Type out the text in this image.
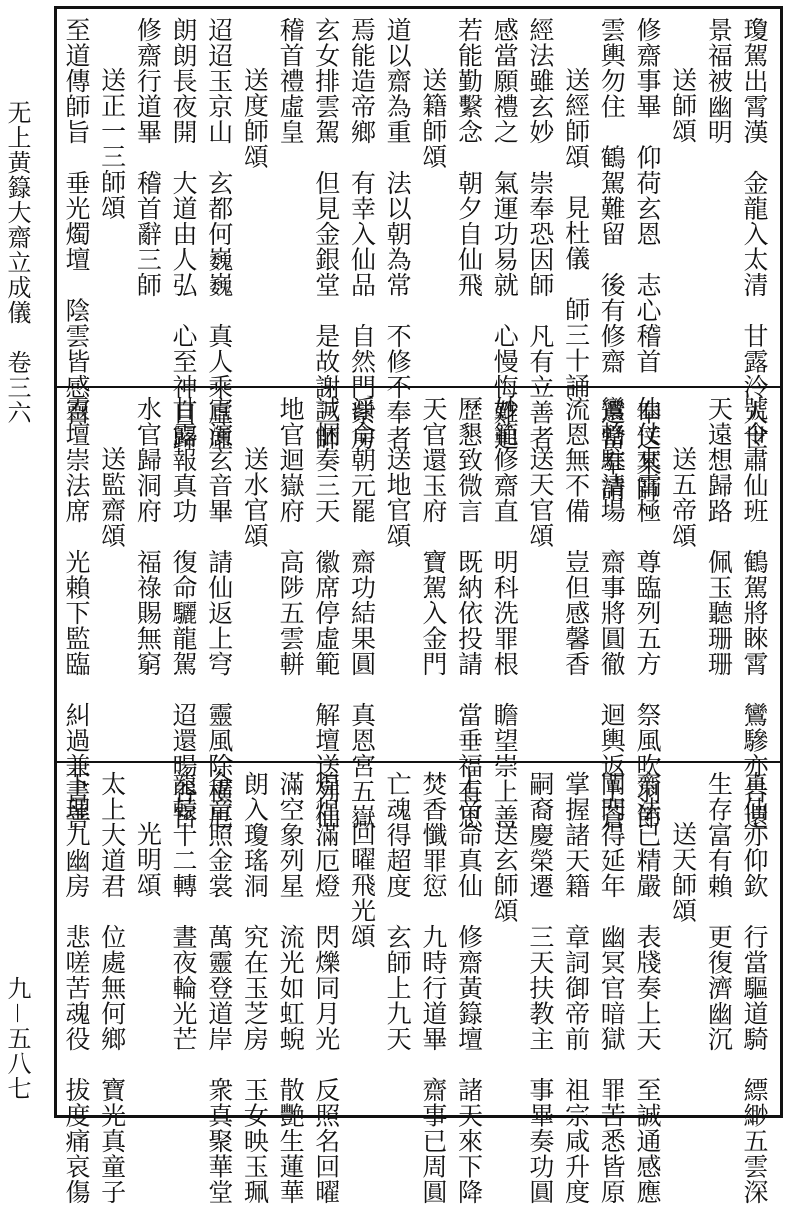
无上黄籙大齋立成儀　卷三六
九－五八七
瓊駕出霄漢　金龍入太清　甘露泠人世
景福被幽明
送師頌
修齋事畢　仰荷玄恩　志心稽首　奉送某師
雲輿勿住　鶴駕難留　後有修齋　還當奉請
送經師頌　見杜儀　師三十誦
經法雖玄妙　崇奉恐因師　凡有立善者
感當願禮之　氣運功易就　心慢悔難追
若能勤繫念　朝夕自仙飛
送籍師頌
道以齋為重　法以朝為常　不修不奉者
焉能造帝鄉　有幸入仙品　自然門紫房
玄女排雲駕　但見金銀堂　是故謝三師
稽首禮虛皇
送度師頌
迢迢玉京山　玄都何巍巍　真人乘虛虛
朗朗長夜開　大道由人弘　心至神自歸
修齋行道畢　稽首辭三師
送正一三師頌
至道傳師旨　垂光燭壇　陰雲皆感召
號令肅仙班　鶴駕將睞霄　鸞驂亦告還
天遠想歸路　佩玉聽珊珊
送五帝頌
仙仗來霄極　尊臨列五方　祭風吹羽節
鸞輅駐清場　齋事將圓徹　迴輿返上蒼
流恩無不備　豈但感馨香
送天官頌
妙範修齋直　明科洗罪根　瞻望崇上善
歷懇致微言　既納依投請　當垂福有恩
天官還玉府　寶駕入金門
送地官頌
淨命朝元罷　齋功結果圓　真恩宮五嶽
誠悃奏三天　徽席停虛範　解壇送列仙
地官迴嶽府　高陟五雲軿
送水官頌
宣演玄音畢　請仙返上穹　靈風除橫厄
甘露報真功　復命驪龍駕　迢還暘谷宮
水官歸洞府　福祿賜無窮
送監齋頌
靈壇崇法席　光賴下監臨　糾過兼書善
真仙亦仰欽　行當驅道騎　縹緲五雲深
生存富有賴　更復濟幽沉
送天師頌
齋法已精嚴　表牋奏上天　至誠通感應
闡門得延年　幽冥官暗獄　罪苦悉皆原
掌握諸天籍　章詞御帝前　祖宗咸升度
嗣裔慶榮遷　三天扶教主　事畢奏功圓
送玄師頌
上帝命真仙　修齋黃籙壇　諸天來下降
焚香懺罪愆　九時行道畢　齋事已周圓
亡魂得超度　玄師上九天
回曜飛光頌
煌煌滿厄燈　閃爍同月光　反照名回曜
滿空象列星　流光如虹蜺　散艷生蓮華
朗入瓊瑤洞　究在玉芝房　玉女映玉珮
金童照金裳　萬靈登道岸　衆真聚華堂
龍轅十二轉　晝夜輪光芒
光明頌
太上大道君　位處無何鄉　寶光真童子
下理九幽房　悲嗟苦魂役　拔度痛哀傷
